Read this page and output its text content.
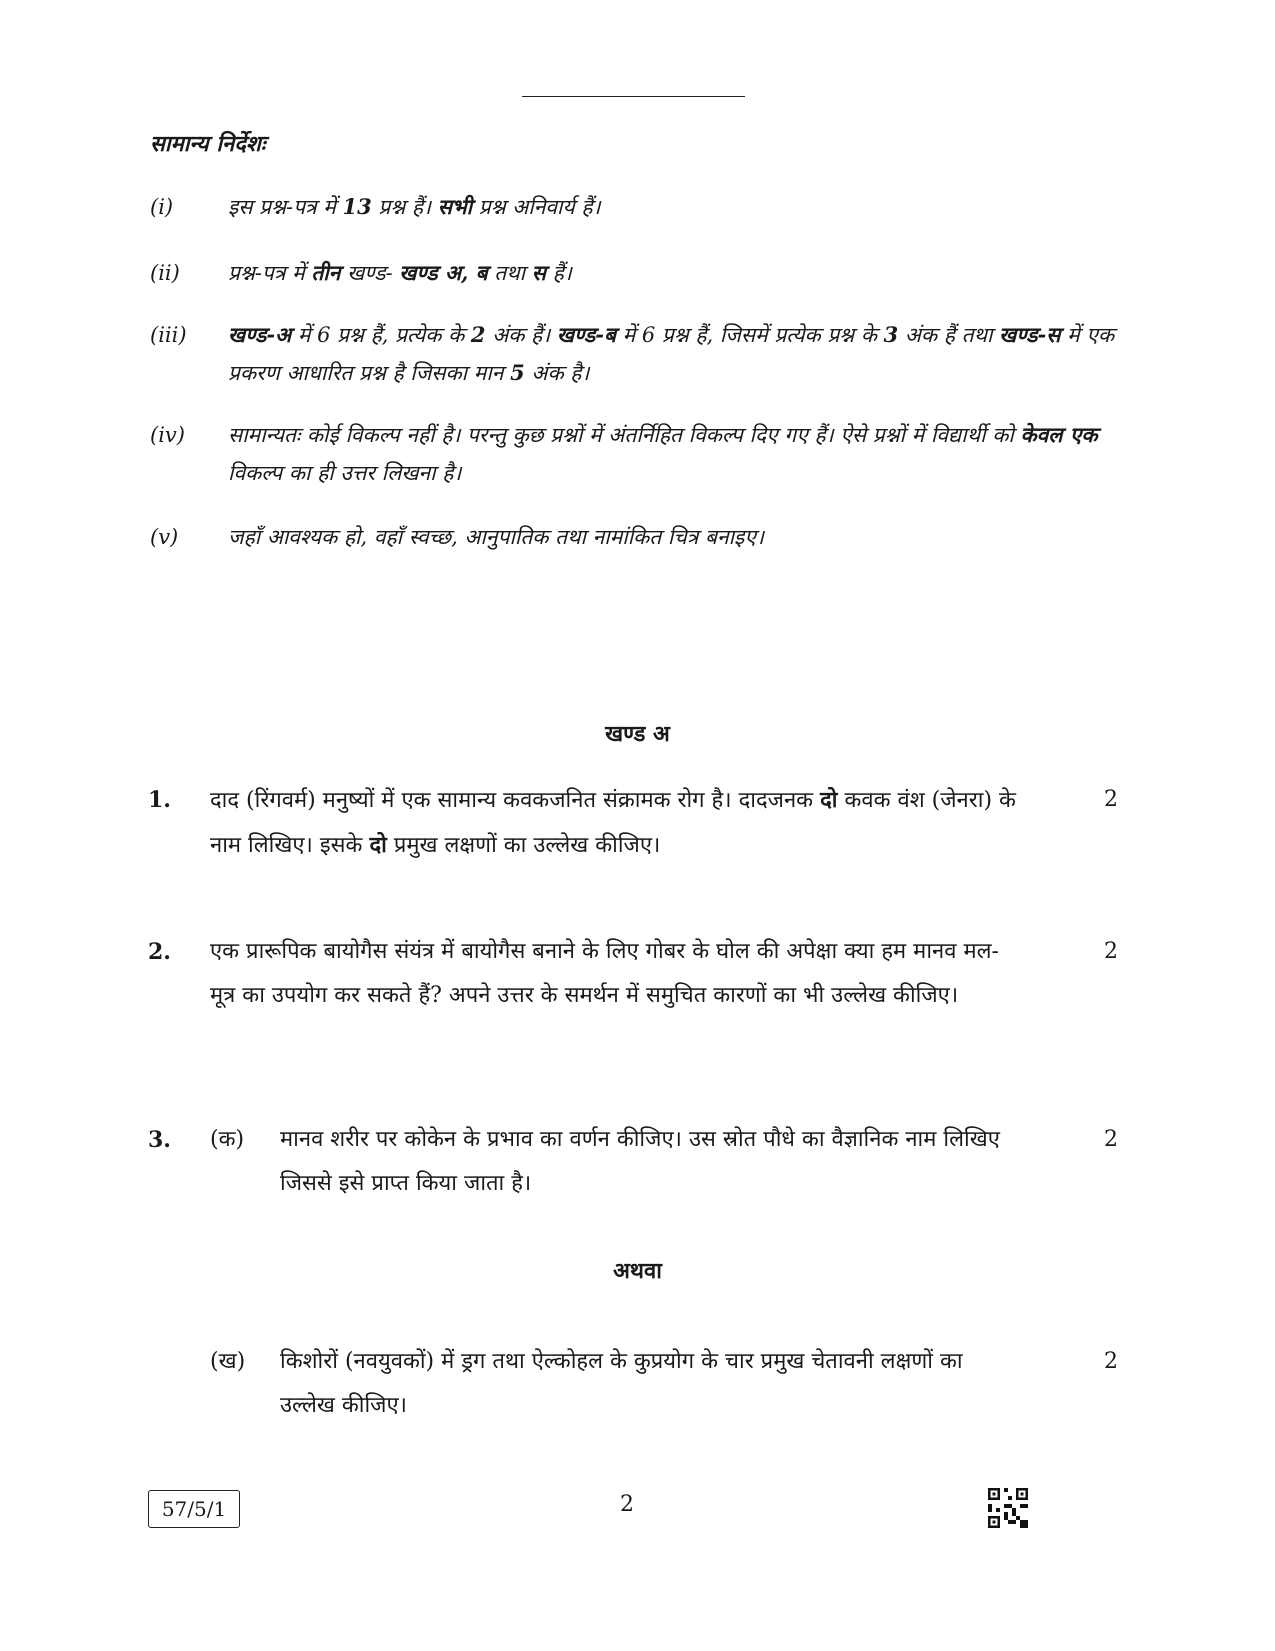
सामान्य निर्देशः
(i)	इस प्रश्न-पत्र में 13 प्रश्न हैं। सभी प्रश्न अनिवार्य हैं।
(ii)	प्रश्न-पत्र में तीन खण्ड- खण्ड अ, ब तथा स हैं।
(iii)	खण्ड-अ में 6 प्रश्न हैं, प्रत्येक के 2 अंक हैं। खण्ड-ब में 6 प्रश्न हैं, जिसमें प्रत्येक प्रश्न के 3 अंक हैं तथा खण्ड-स में एक प्रकरण आधारित प्रश्न है जिसका मान 5 अंक है।
(iv)	सामान्यतः कोई विकल्प नहीं है। परन्तु कुछ प्रश्नों में अंतर्निहित विकल्प दिए गए हैं। ऐसे प्रश्नों में विद्यार्थी को केवल एक विकल्प का ही उत्तर लिखना है।
(v)	जहाँ आवश्यक हो, वहाँ स्वच्छ, आनुपातिक तथा नामांकित चित्र बनाइए।
खण्ड अ
1. दाद (रिंगवर्म) मनुष्यों में एक सामान्य कवकजनित संक्रामक रोग है। दादजनक दो कवक वंश (जेनरा) के नाम लिखिए। इसके दो प्रमुख लक्षणों का उल्लेख कीजिए।
2
2. एक प्रारूपिक बायोगैस संयंत्र में बायोगैस बनाने के लिए गोबर के घोल की अपेक्षा क्या हम मानव मल-मूत्र का उपयोग कर सकते हैं? अपने उत्तर के समर्थन में समुचित कारणों का भी उल्लेख कीजिए।
2
3. (क) मानव शरीर पर कोकेन के प्रभाव का वर्णन कीजिए। उस स्रोत पौधे का वैज्ञानिक नाम लिखिए जिससे इसे प्राप्त किया जाता है।
2
अथवा
(ख) किशोरों (नवयुवकों) में ड्रग तथा ऐल्कोहल के कुप्रयोग के चार प्रमुख चेतावनी लक्षणों का उल्लेख कीजिए।
2
57/5/1	2
